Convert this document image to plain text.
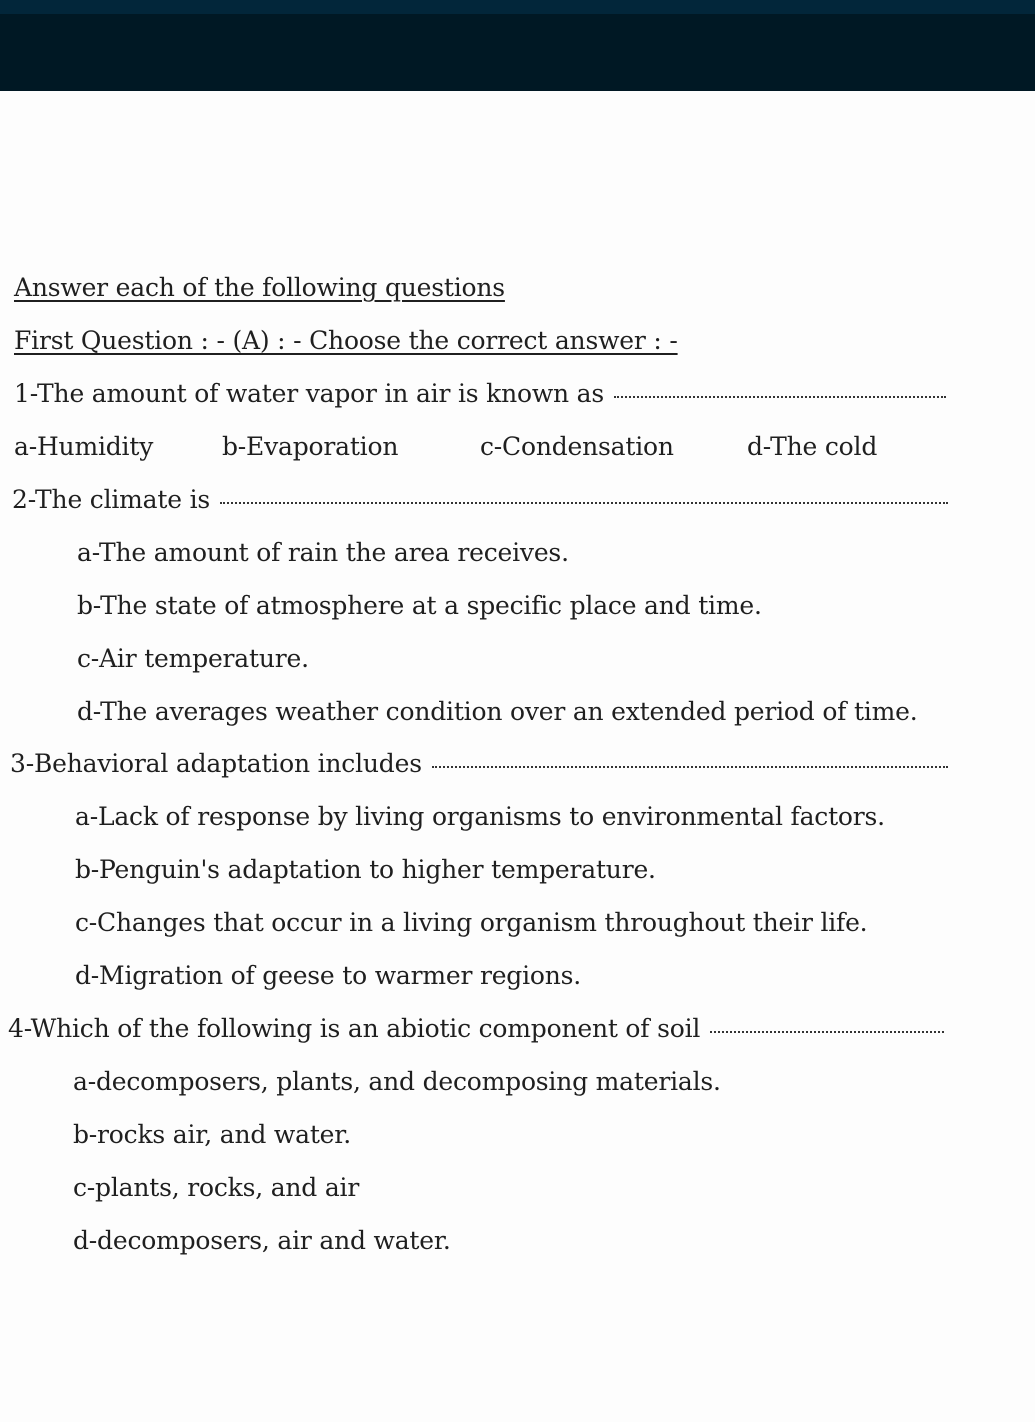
Answer each of the following questions
First Question : - (A) : - Choose the correct answer : -
1-The amount of water vapor in air is known as
a-Humidity	b-Evaporation	c-Condensation	d-The cold
2-The climate is
a-The amount of rain the area receives.
b-The state of atmosphere at a specific place and time.
c-Air temperature.
d-The averages weather condition over an extended period of time.
3-Behavioral adaptation includes
a-Lack of response by living organisms to environmental factors.
b-Penguin's adaptation to higher temperature.
c-Changes that occur in a living organism throughout their life.
d-Migration of geese to warmer regions.
4-Which of the following is an abiotic component of soil
a-decomposers, plants, and decomposing materials.
b-rocks air, and water.
c-plants, rocks, and air
d-decomposers, air and water.
